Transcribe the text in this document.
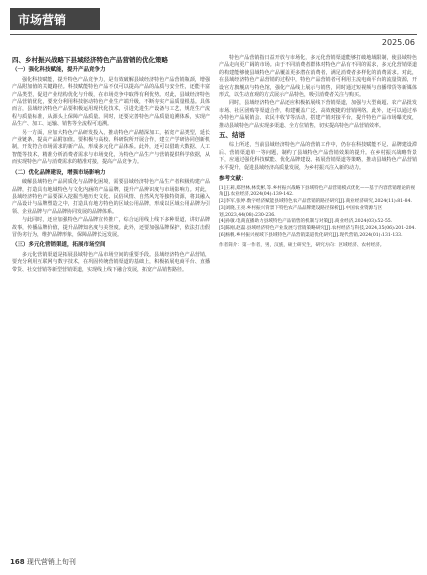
市场营销
2025.06
四、乡村振兴战略下县域经济特色产品营销的优化策略
（一）强化科技赋能，提升产品竞争力

强化科技赋能，提升特色产品竞争力，是有效破解县域经济特色产品营销瓶颈，增强产品附加值的关键路径。科技赋能特色产品不仅可以提高产品的品质与安全性，还能丰富产品类型，促进产业结构优化与升级，在市场竞争中取得有利优势。对此，县域经济特色产品营销优化，要充分利用科技驱动特色产业生产端升级，不断夯实产品质量根基。具体而言，县域经济特色产品要积极运用现代化技术，引进先进生产设备与工艺，规范生产流程与质量标准，从源头上保障产品质量。同时，还要完善特色产品质量追溯体系，实现产品生产、加工、运输、销售等全流程可追溯。

另一方面，应加大特色产品研发投入，推动特色产品精深加工，拓宽产品类型，延长产业链条，提高产品附加值。要积极与高校、科研院所开展合作，建立产学研协同创新机制，开发符合市场需求的新产品，形成多元化产品体系。此外，还可以借助大数据、人工智能等技术，精准分析消费者需求与市场变化，为特色产品生产与营销提供科学依据，从而实现特色产品与消费需求的精准对接，提高产品竞争力。

（二）优化品牌建设，增强市场影响力

破解县域特色产品同质化与品牌化困境，需要县域经济特色产品生产者积极构建产品品牌，打造具有地域特色与文化内涵的产品品牌，提升产品辨识度与市场影响力。对此，县域经济特色产品要深入挖掘当地历史文化、民俗风情、自然风光等独特资源，将其融入产品设计与品牌塑造之中，打造具有地方特色的区域公用品牌，形成以区域公用品牌为引领、企业品牌与产品品牌协同发展的品牌体系。

与此同时，还应加强特色产品品牌宣传推广，综合运用线上线下多种渠道，讲好品牌故事，传播品牌价值，提升品牌知名度与美誉度。此外，还要加强品牌保护，依法打击假冒伪劣行为，维护品牌形象，保障品牌长远发展。

（三）多元化营销渠道，拓展市场空间

多元化营销渠道是拓展县域特色产品市场空间的重要手段。县域经济特色产品营销，要充分利用互联网与数字技术，在巩固传统营销渠道的基础上，积极拓展电商平台、直播带货、社交营销等新型营销渠道，实现线上线下融合发展，拓宽产品销售路径。

特色产品营销指日益开放与市场化，多元化营销渠道能够打破地域限制，使县域特色产品走向更广阔的市场。由于不同消费者群体对特色产品有不同的需求，多元化营销渠道的构建能够使县域特色产品覆盖更多潜在消费者，满足消费者多样化的消费需求。对此，在县域经济特色产品营销的过程中，特色产品营销者可利用主流电商平台的流量资源，开设官方旗舰店与特色馆，强化产品线上展示与销售，同时通过短视频与直播带货等新媒体形式，以生动直观的方式展示产品特色，吸引消费者关注与购买。

同时，县域经济特色产品还应积极拓展线下营销渠道，加强与大型商超、农产品批发市场、社区团购等渠道合作，构建覆盖广泛、高效便捷的营销网络。此外，还可以通过举办特色产品展销会、农民丰收节等活动，搭建产销对接平台，提升特色产品市场曝光度，推动县域特色产品实现多渠道、全方位销售，切实提高特色产品营销效率。

五、结语

综上所述，当前县域经济特色产品的营销工作中，仍存在科技赋能不足、品牌建设滞后、营销渠道单一等问题，制约了县域特色产品营销效果的提升。在乡村振兴战略背景下，应通过强化科技赋能、优化品牌建设、拓展营销渠道等策略，推动县域特色产品营销水平提升，促进县域经济高质量发展，为乡村振兴注入新的动力。

参考文献：

[1]王莉,郑世林,林奕彬,等.乡村振兴战略下县域特色产品营销模式优化——基于内容营销理论的视角[J].农业经济,2024(04):139-142.

[2]李军,张婷.数字经济赋能县域特色农产品营销的路径研究[J].商业经济研究,2024(11):81-84.

[3]刘晓,王亮.乡村振兴背景下特色农产品品牌建设路径探析[J].中国农业资源与区划,2023,44(08):230-236.

[4]孙敏.电商直播助力县域特色产品销售的机制与对策[J].商业经济,2024(03):52-55.

[5]陈刚,赵磊.县域经济特色产业发展与营销策略研究[J].农村经济与科技,2024,35(06):201-204.

[6]杨帆.乡村振兴视域下县域特色产品营销渠道优化研究[J].现代营销,2024(01):131-133.

作者简介：第一作者，男，汉族，硕士研究生，研究方向：区域经济、农村经济。
168 现代营销上旬刊
